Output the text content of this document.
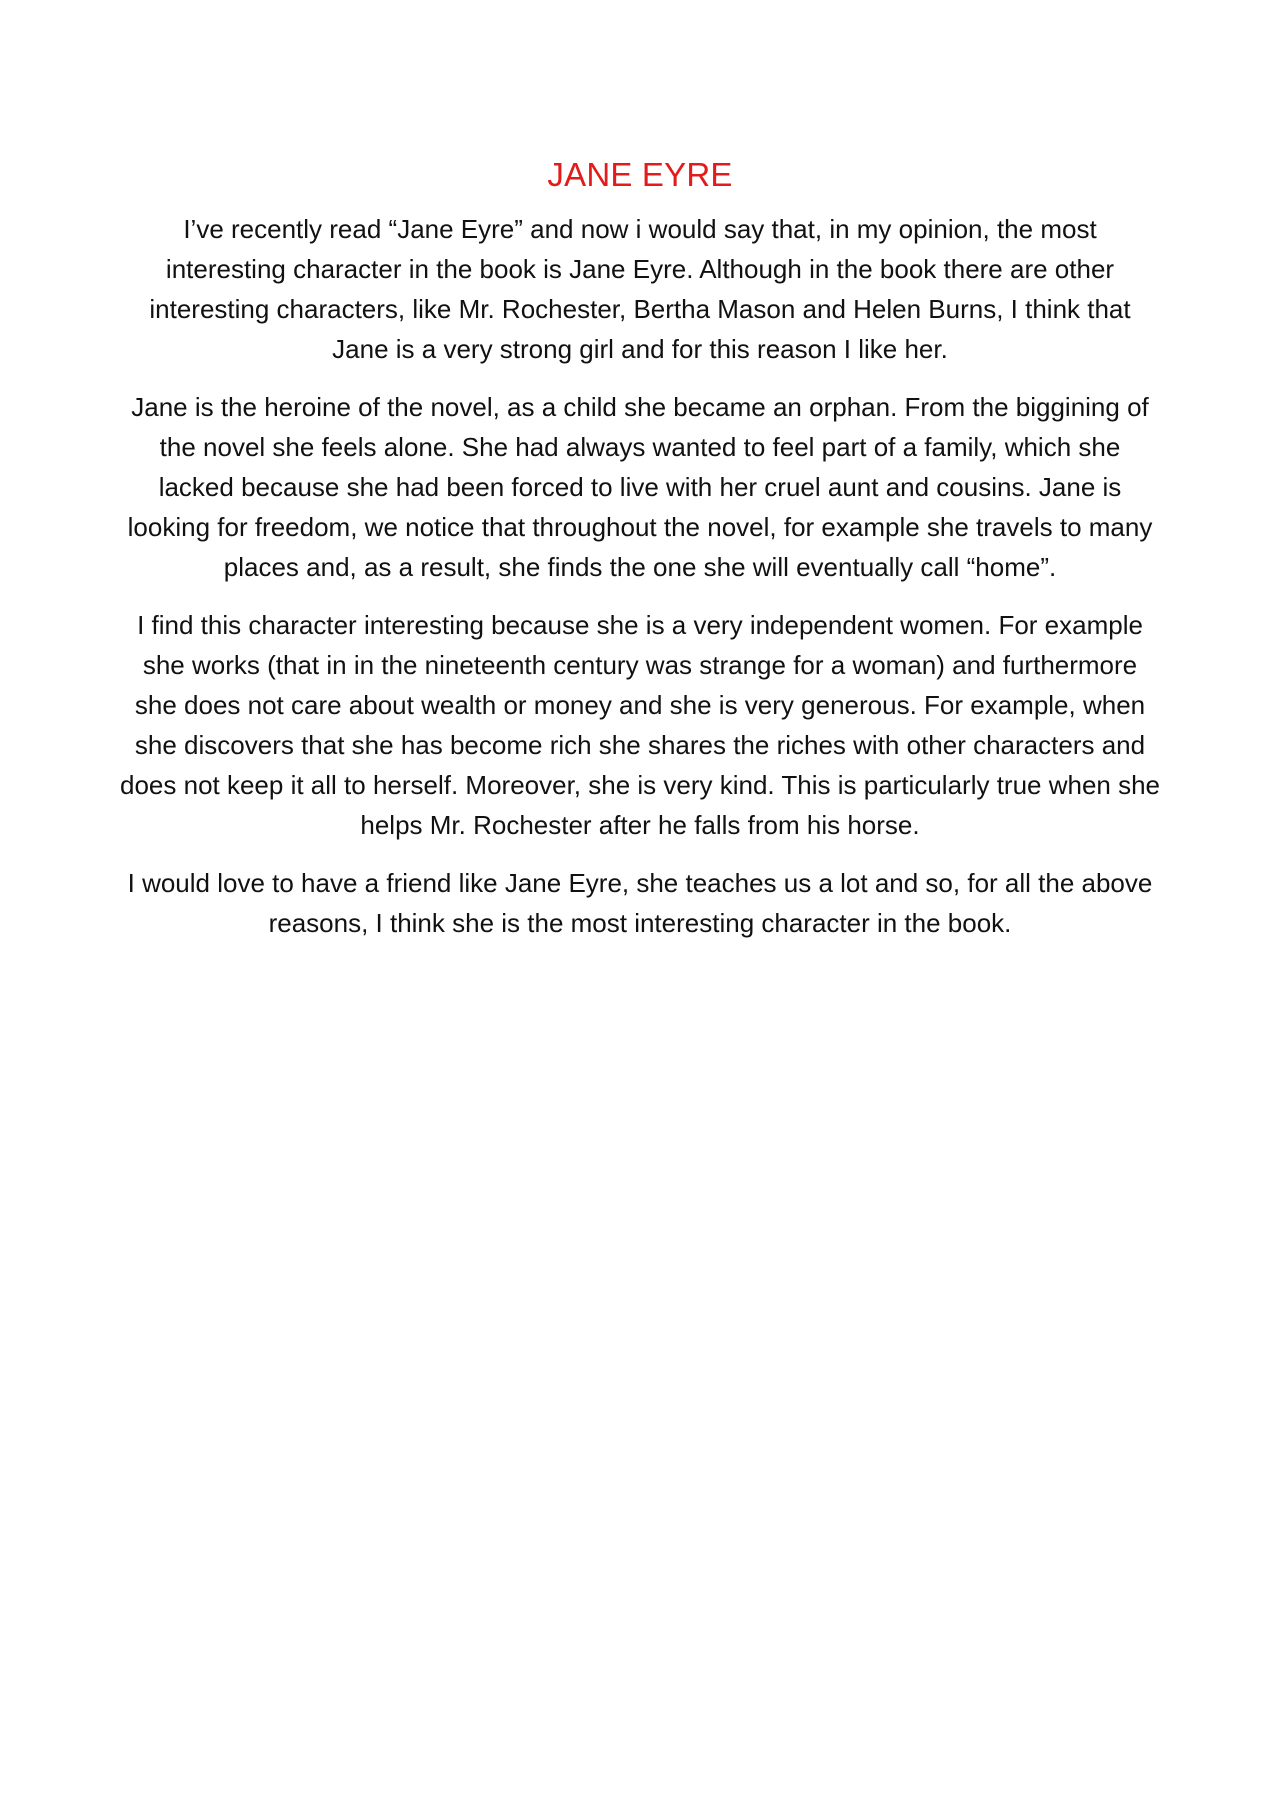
JANE EYRE

I’ve recently read “Jane Eyre” and now i would say that, in my opinion, the most interesting character in the book is Jane Eyre. Although in the book there are other interesting characters, like Mr. Rochester, Bertha Mason and Helen Burns, I think that Jane is a very strong girl and for this reason I like her.

Jane is the heroine of the novel, as a child she became an orphan. From the biggining of the novel she feels alone. She had always wanted to feel part of a family, which she lacked because she had been forced to live with her cruel aunt and cousins. Jane is looking for freedom, we notice that throughout the novel, for example she travels to many places and, as a result, she finds the one she will eventually call “home”.

I find this character interesting because she is a very independent women. For example she works (that in in the nineteenth century was strange for a woman) and furthermore she does not care about wealth or money and she is very generous. For example, when she discovers that she has become rich she shares the riches with other characters and does not keep it all to herself. Moreover, she is very kind. This is particularly true when she helps Mr. Rochester after he falls from his horse.

I would love to have a friend like Jane Eyre, she teaches us a lot and so, for all the above reasons, I think she is the most interesting character in the book.
